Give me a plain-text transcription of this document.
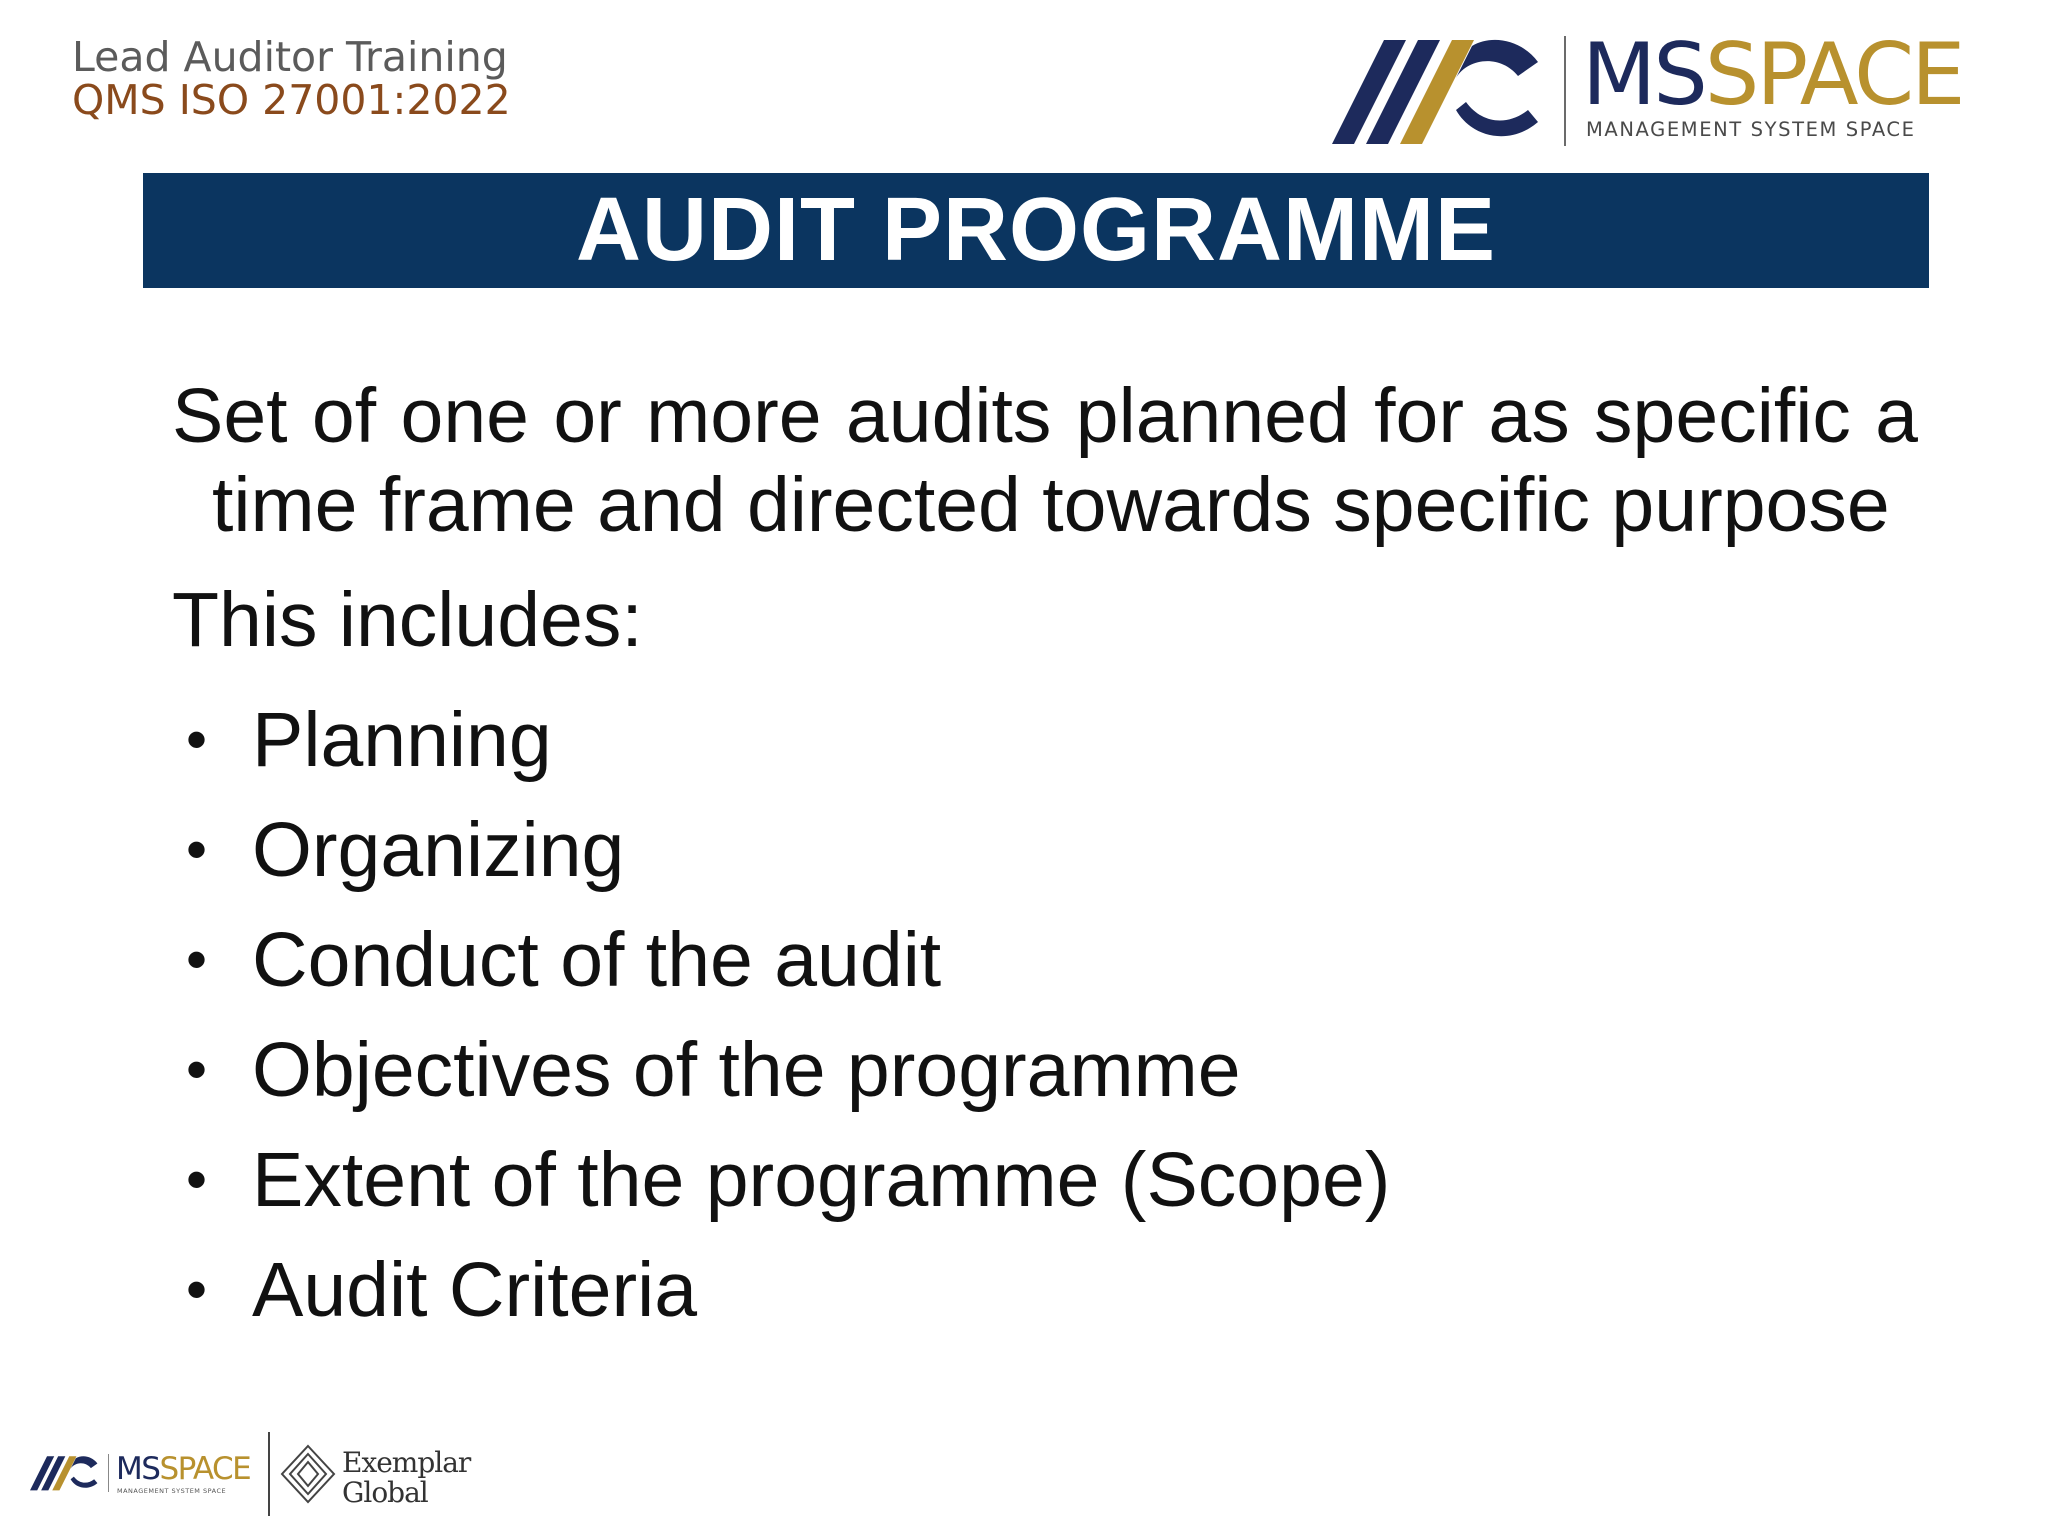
Lead Auditor Training
QMS ISO 27001:2022	MSSPACE
MANAGEMENT SYSTEM SPACE
AUDIT PROGRAMME

Set of one or more audits planned for as specific a time frame and directed towards specific purpose

This includes:

• Planning
• Organizing
• Conduct of the audit
• Objectives of the programme
• Extent of the programme (Scope)
• Audit Criteria
MSSPACE
MANAGEMENT SYSTEM SPACE
Exemplar
Global
